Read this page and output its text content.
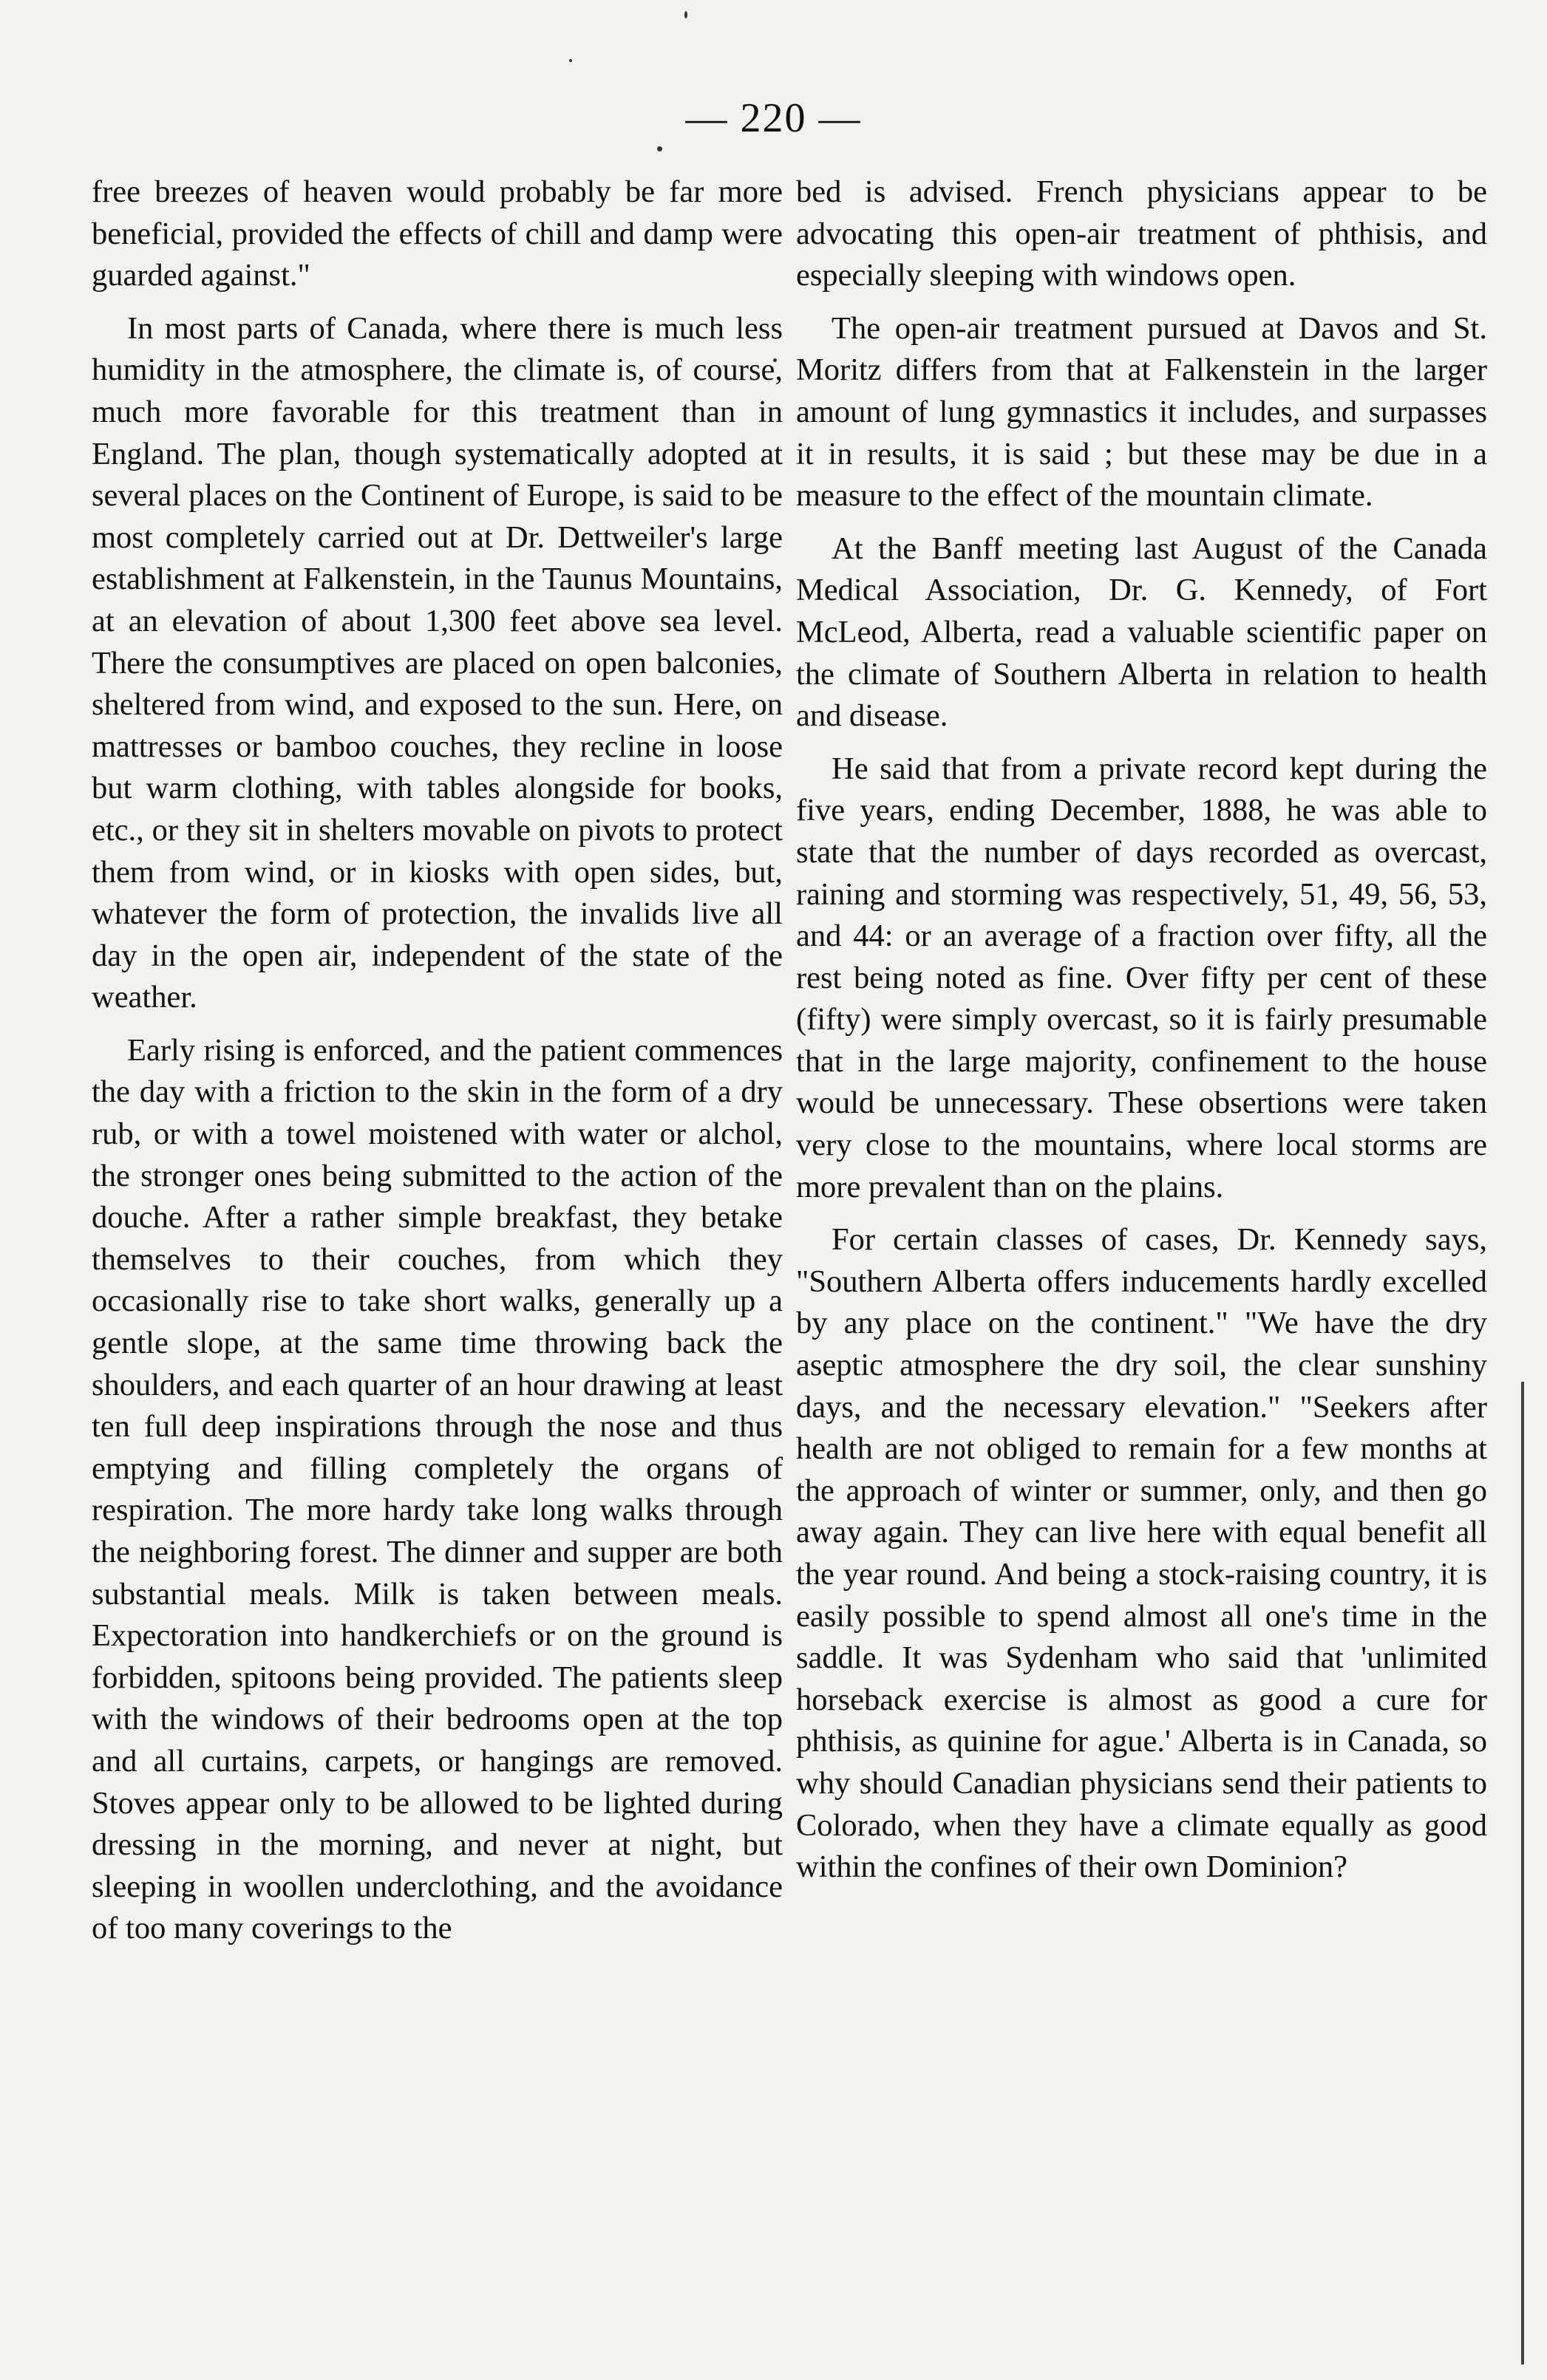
— 220 —

free breezes of heaven would probably be far more beneficial, provided the effects of chill and damp were guarded against."

In most parts of Canada, where there is much less humidity in the atmosphere, the climate is, of course, much more favorable for this treatment than in England. The plan, though systematically adopted at several places on the Continent of Europe, is said to be most completely carried out at Dr. Dettweiler's large establishment at Falkenstein, in the Taunus Mountains, at an elevation of about 1,300 feet above sea level. There the consumptives are placed on open balconies, sheltered from wind, and exposed to the sun. Here, on mattresses or bamboo couches, they recline in loose but warm clothing, with tables alongside for books, etc., or they sit in shelters movable on pivots to protect them from wind, or in kiosks with open sides, but, whatever the form of protection, the invalids live all day in the open air, independent of the state of the weather.

Early rising is enforced, and the patient commences the day with a friction to the skin in the form of a dry rub, or with a towel moistened with water or alchol, the stronger ones being submitted to the action of the douche. After a rather simple breakfast, they betake themselves to their couches, from which they occasionally rise to take short walks, generally up a gentle slope, at the same time throwing back the shoulders, and each quarter of an hour drawing at least ten full deep inspirations through the nose and thus emptying and filling completely the organs of respiration. The more hardy take long walks through the neighboring forest. The dinner and supper are both substantial meals. Milk is taken between meals. Expectoration into handkerchiefs or on the ground is forbidden, spitoons being provided. The patients sleep with the windows of their bedrooms open at the top and all curtains, carpets, or hangings are removed. Stoves appear only to be allowed to be lighted during dressing in the morning, and never at night, but sleeping in woollen underclothing, and the avoidance of too many coverings to the

bed is advised. French physicians appear to be advocating this open-air treatment of phthisis, and especially sleeping with windows open.

The open-air treatment pursued at Davos and St. Moritz differs from that at Falkenstein in the larger amount of lung gymnastics it includes, and surpasses it in results, it is said ; but these may be due in a measure to the effect of the mountain climate.

At the Banff meeting last August of the Canada Medical Association, Dr. G. Kennedy, of Fort McLeod, Alberta, read a valuable scientific paper on the climate of Southern Alberta in relation to health and disease.

He said that from a private record kept during the five years, ending December, 1888, he was able to state that the number of days recorded as overcast, raining and storming was respectively, 51, 49, 56, 53, and 44: or an average of a fraction over fifty, all the rest being noted as fine. Over fifty per cent of these (fifty) were simply overcast, so it is fairly presumable that in the large majority, confinement to the house would be unnecessary. These obsertions were taken very close to the mountains, where local storms are more prevalent than on the plains.

For certain classes of cases, Dr. Kennedy says, "Southern Alberta offers inducements hardly excelled by any place on the continent." "We have the dry aseptic atmosphere the dry soil, the clear sunshiny days, and the necessary elevation." "Seekers after health are not obliged to remain for a few months at the approach of winter or summer, only, and then go away again. They can live here with equal benefit all the year round. And being a stock-raising country, it is easily possible to spend almost all one's time in the saddle. It was Sydenham who said that 'unlimited horseback exercise is almost as good a cure for phthisis, as quinine for ague.' Alberta is in Canada, so why should Canadian physicians send their patients to Colorado, when they have a climate equally as good within the confines of their own Dominion?
